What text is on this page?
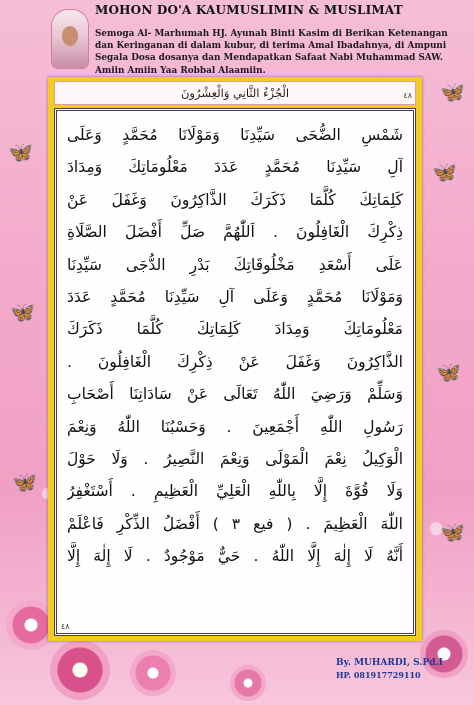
🦋
🦋
🦋
🦋
🦋
🦋
🦋
MOHON DO'A KAUMUSLIMIN & MUSLIMAT
Semoga Al- Marhumah HJ. Ayunah Binti Kasim di Berikan Ketenangan dan Keringanan di dalam kubur, di terima Amal Ibadahnya, di Ampuni Segala Dosa dosanya dan Mendapatkan Safaat Nabi Muhammad SAW. Amiin Amiin Yaa Robbal Alaamiin.
الْجُزْءُ الثَّانِي وَالْعِشْرُونَ	٤٨
شَمْسِ الضُّحَى سَيِّدِنَا وَمَوْلَانَا مُحَمَّدٍ وَعَلَى
آلِ سَيِّدِنَا مُحَمَّدٍ عَدَدَ مَعْلُومَاتِكَ وَمِدَادَ
كَلِمَاتِكَ كُلَّمَا ذَكَرَكَ الذَّاكِرُونَ وَغَفَلَ عَنْ
ذِكْرِكَ الْغَافِلُونَ . اَللّٰهُمَّ صَلِّ أَفْضَلَ الصَّلَاةِ
عَلَى أَسْعَدِ مَخْلُوقَاتِكَ بَدْرِ الدُّجَى سَيِّدِنَا
وَمَوْلَانَا مُحَمَّدٍ وَعَلَى آلِ سَيِّدِنَا مُحَمَّدٍ عَدَدَ
مَعْلُومَاتِكَ وَمِدَادَ كَلِمَاتِكَ كُلَّمَا ذَكَرَكَ
الذَّاكِرُونَ وَغَفَلَ عَنْ ذِكْرِكَ الْغَافِلُونَ .
وَسَلِّمْ وَرَضِيَ اللّٰهُ تَعَالَى عَنْ سَادَاتِنَا أَصْحَابِ
رَسُولِ اللّٰهِ أَجْمَعِينَ . وَحَسْبُنَا اللّٰهُ وَنِعْمَ
الْوَكِيلُ نِعْمَ الْمَوْلَى وَنِعْمَ النَّصِيرُ . وَلَا حَوْلَ
وَلَا قُوَّةَ إِلَّا بِاللّٰهِ الْعَلِيِّ الْعَظِيمِ . أَسْتَغْفِرُ
اللّٰهَ الْعَظِيمَ . ( فيع ٣ ) أَفْضَلُ الذِّكْرِ فَاعْلَمْ
أَنَّهُ لَا إِلٰهَ إِلَّا اللّٰهُ . حَيٌّ مَوْجُودٌ . لَا إِلٰهَ إِلَّا
٤٨
By. MUHARDI, S.Pd.I
HP. 081917729110
